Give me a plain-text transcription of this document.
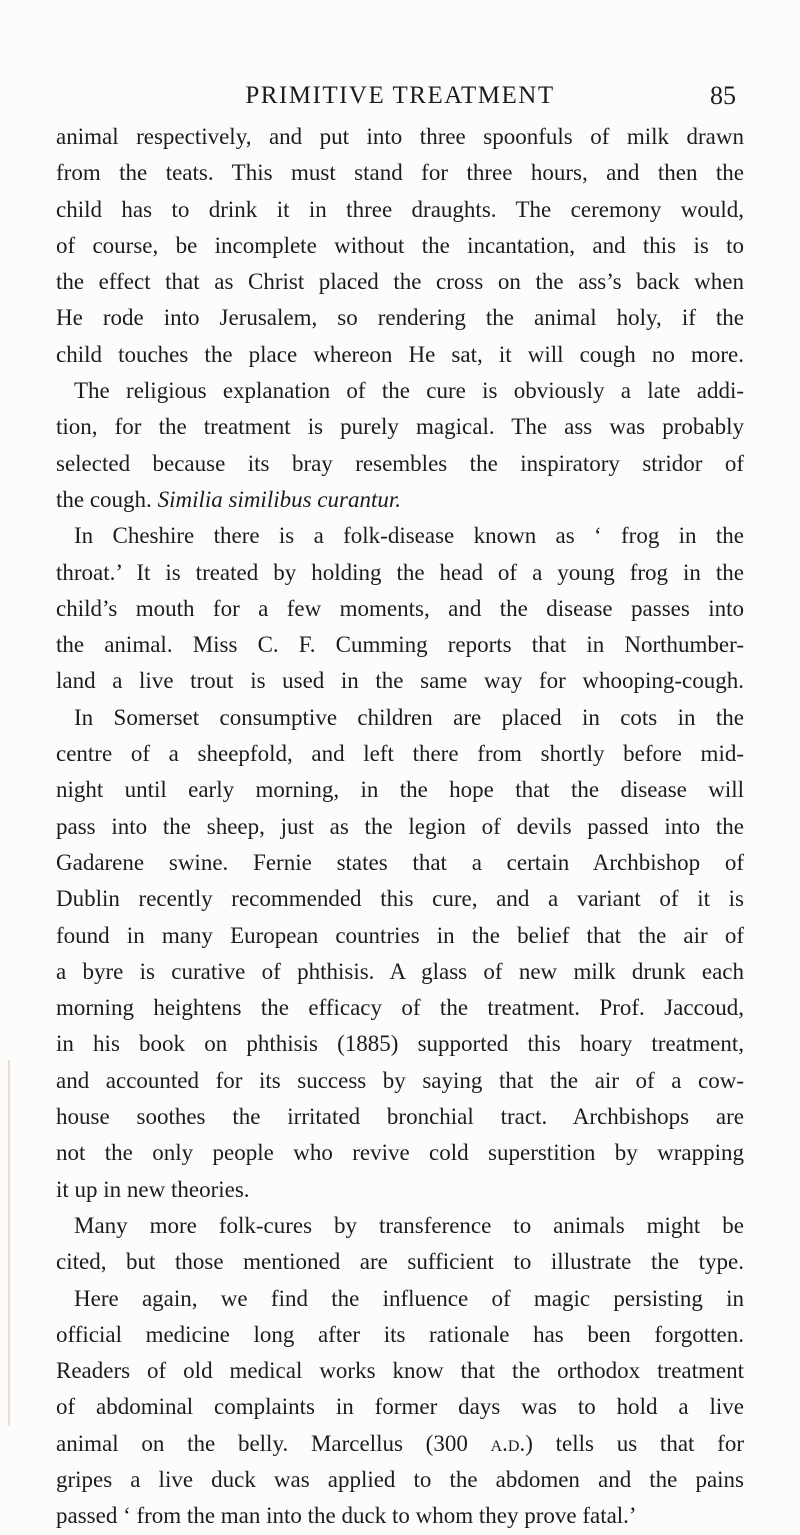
PRIMITIVE TREATMENT	85
animal respectively, and put into three spoonfuls of milk drawn
from the teats. This must stand for three hours, and then the
child has to drink it in three draughts. The ceremony would,
of course, be incomplete without the incantation, and this is to
the effect that as Christ placed the cross on the ass’s back when
He rode into Jerusalem, so rendering the animal holy, if the
child touches the place whereon He sat, it will cough no more.
The religious explanation of the cure is obviously a late addi-
tion, for the treatment is purely magical. The ass was probably
selected because its bray resembles the inspiratory stridor of
the cough. Similia similibus curantur.
In Cheshire there is a folk-disease known as ‘ frog in the
throat.’ It is treated by holding the head of a young frog in the
child’s mouth for a few moments, and the disease passes into
the animal. Miss C. F. Cumming reports that in Northumber-
land a live trout is used in the same way for whooping-cough.
In Somerset consumptive children are placed in cots in the
centre of a sheepfold, and left there from shortly before mid-
night until early morning, in the hope that the disease will
pass into the sheep, just as the legion of devils passed into the
Gadarene swine. Fernie states that a certain Archbishop of
Dublin recently recommended this cure, and a variant of it is
found in many European countries in the belief that the air of
a byre is curative of phthisis. A glass of new milk drunk each
morning heightens the efficacy of the treatment. Prof. Jaccoud,
in his book on phthisis (1885) supported this hoary treatment,
and accounted for its success by saying that the air of a cow-
house soothes the irritated bronchial tract. Archbishops are
not the only people who revive cold superstition by wrapping
it up in new theories.
Many more folk-cures by transference to animals might be
cited, but those mentioned are sufficient to illustrate the type.
Here again, we find the influence of magic persisting in
official medicine long after its rationale has been forgotten.
Readers of old medical works know that the orthodox treatment
of abdominal complaints in former days was to hold a live
animal on the belly. Marcellus (300 a.d.) tells us that for
gripes a live duck was applied to the abdomen and the pains
passed ‘ from the man into the duck to whom they prove fatal.’
